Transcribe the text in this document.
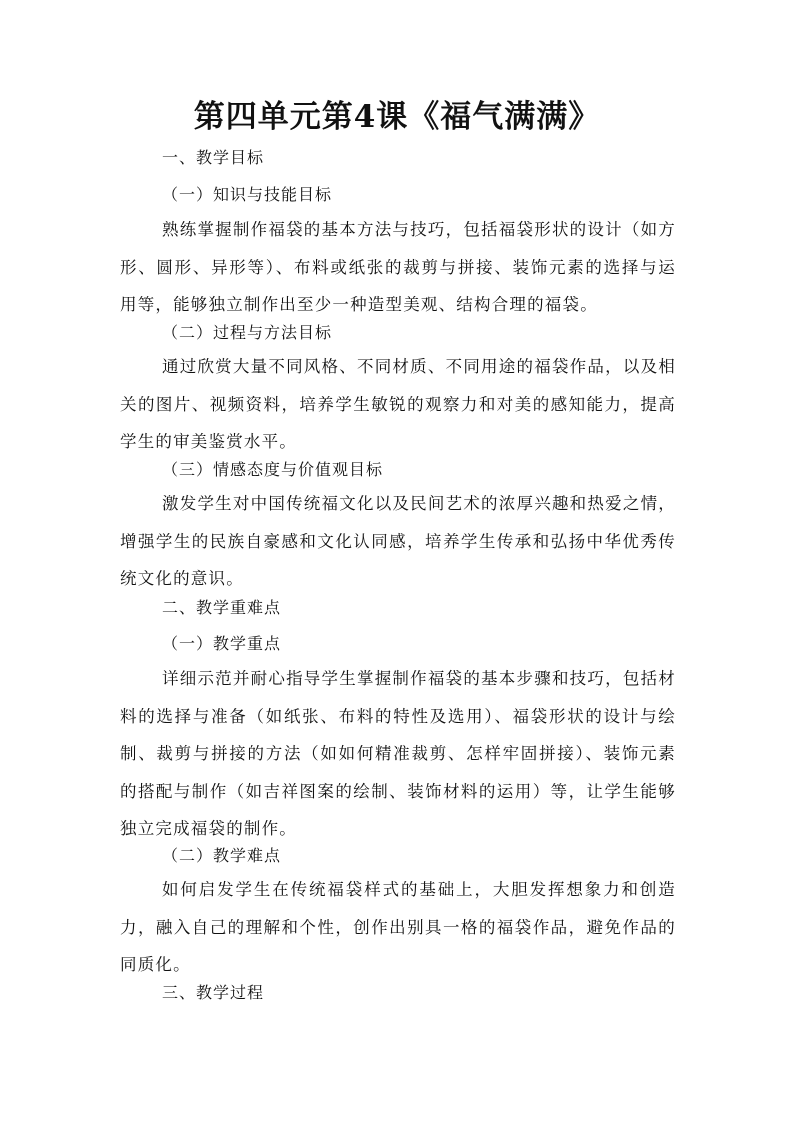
第四单元第4课《福气满满》

一、教学目标

（一）知识与技能目标

熟练掌握制作福袋的基本方法与技巧，包括福袋形状的设计（如方形、圆形、异形等）、布料或纸张的裁剪与拼接、装饰元素的选择与运用等，能够独立制作出至少一种造型美观、结构合理的福袋。

（二）过程与方法目标

通过欣赏大量不同风格、不同材质、不同用途的福袋作品，以及相关的图片、视频资料，培养学生敏锐的观察力和对美的感知能力，提高学生的审美鉴赏水平。

（三）情感态度与价值观目标

激发学生对中国传统福文化以及民间艺术的浓厚兴趣和热爱之情，增强学生的民族自豪感和文化认同感，培养学生传承和弘扬中华优秀传统文化的意识。

二、教学重难点

（一）教学重点

详细示范并耐心指导学生掌握制作福袋的基本步骤和技巧，包括材料的选择与准备（如纸张、布料的特性及选用）、福袋形状的设计与绘制、裁剪与拼接的方法（如如何精准裁剪、怎样牢固拼接）、装饰元素的搭配与制作（如吉祥图案的绘制、装饰材料的运用）等，让学生能够独立完成福袋的制作。

（二）教学难点

如何启发学生在传统福袋样式的基础上，大胆发挥想象力和创造力，融入自己的理解和个性，创作出别具一格的福袋作品，避免作品的同质化。

三、教学过程
